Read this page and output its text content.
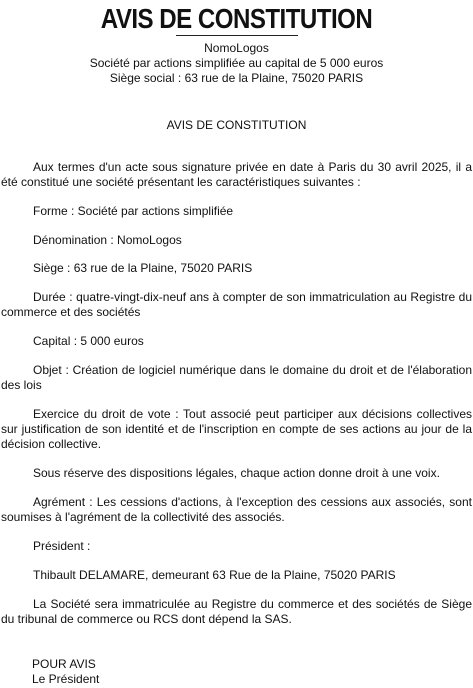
AVIS DE CONSTITUTION
NomoLogos
Société par actions simplifiée au capital de 5 000 euros
Siège social : 63 rue de la Plaine, 75020 PARIS
AVIS DE CONSTITUTION

Aux termes d'un acte sous signature privée en date à Paris du 30 avril 2025, il a été constitué une société présentant les caractéristiques suivantes :

Forme : Société par actions simplifiée

Dénomination : NomoLogos

Siège : 63 rue de la Plaine, 75020 PARIS

Durée : quatre-vingt-dix-neuf ans à compter de son immatriculation au Registre du commerce et des sociétés

Capital : 5 000 euros

Objet : Création de logiciel numérique dans le domaine du droit et de l'élaboration des lois

Exercice du droit de vote : Tout associé peut participer aux décisions collectives sur justification de son identité et de l'inscription en compte de ses actions au jour de la décision collective.

Sous réserve des dispositions légales, chaque action donne droit à une voix.

Agrément : Les cessions d'actions, à l'exception des cessions aux associés, sont soumises à l'agrément de la collectivité des associés.

Président :

Thibault DELAMARE, demeurant 63 Rue de la Plaine, 75020 PARIS

La Société sera immatriculée au Registre du commerce et des sociétés de Siège du tribunal de commerce ou RCS dont dépend la SAS.

POUR AVIS
Le Président
